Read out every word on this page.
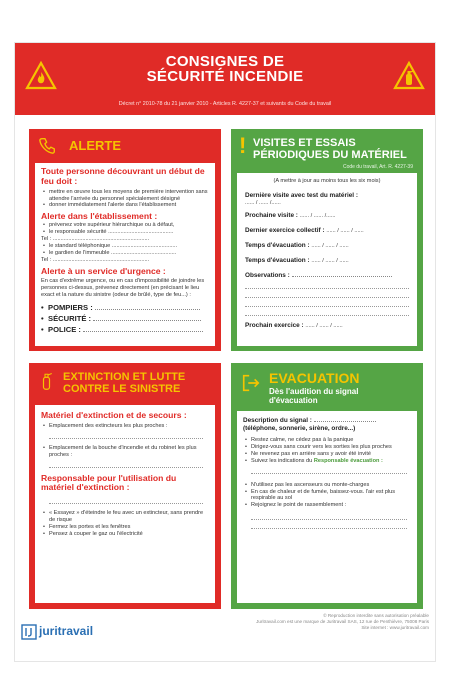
CONSIGNES DE
SÉCURITÉ INCENDIE
Décret n° 2010-78 du 21 janvier 2010 - Articles R. 4227-37 et suivants du Code du travail
ALERTE
Toute personne découvrant un début de feu doit :
• mettre en œuvre tous les moyens de première intervention sans attendre l'arrivée du personnel spécialement désigné
• donner immédiatement l'alerte dans l'établissement
Alerte dans l'établissement :
• prévenez votre supérieur hiérarchique ou à défaut,
• le responsable sécurité ..........................................
Tel : ..............................................................
• le standard téléphonique ..........................................
• le gardien de l'immeuble ..........................................
Tel : ..............................................................
Alerte à un service d'urgence :
En cas d'extrême urgence, ou en cas d'impossibilité de joindre les personnes ci-dessus, prévenez directement (en précisant le lieu exact et la nature du sinistre (odeur de brûlé, type de feu...) :
• POMPIERS :
• SÉCURITÉ :
• POLICE :
! VISITES ET ESSAIS
PÉRIODIQUES DU MATÉRIEL
Code du travail, Art. R. 4227-39
(A mettre à jour au moins tous les six mois)
Dernière visite avec test du matériel :
...... / ...... /......
Prochaine visite : ...... / ...... /......
Dernier exercice collectif : ...... / ...... / ......
Temps d'évacuation : ...... / ...... / ......
Temps d'évacuation : ...... / ...... / ......
Observations :
Prochain exercice : ...... / ...... / ......
EXTINCTION ET LUTTE
CONTRE LE SINISTRE
Matériel d'extinction et de secours :
• Emplacement des extincteurs les plus proches :
• Emplacement de la bouche d'incendie et du robinet les plus proches :
Responsable pour l'utilisation du matériel d'extinction :
• « Essayez » d'éteindre le feu avec un extincteur, sans prendre de risque
• Fermez les portes et les fenêtres
• Pensez à couper le gaz ou l'électricité
EVACUATION
Dès l'audition du signal
d'évacuation
Description du signal :
(téléphone, sonnerie, sirène, ordre...)
• Restez calme, ne cédez pas à la panique
• Dirigez-vous sans courir vers les sorties les plus proches
• Ne revenez pas en arrière sans y avoir été invité
• Suivez les indications du Responsable évacuation :
• N'utilisez pas les ascenseurs ou monte-charges
• En cas de chaleur et de fumée, baissez-vous. l'air est plus respirable au sol
• Rejoignez le point de rassemblement :
juritravail
© Reproduction interdite sans autorisation préalable
Juritravail.com est une marque de Juritravail SAS, 12 rue de Penthièvre, 75008 Paris
Site internet : www.juritravail.com
